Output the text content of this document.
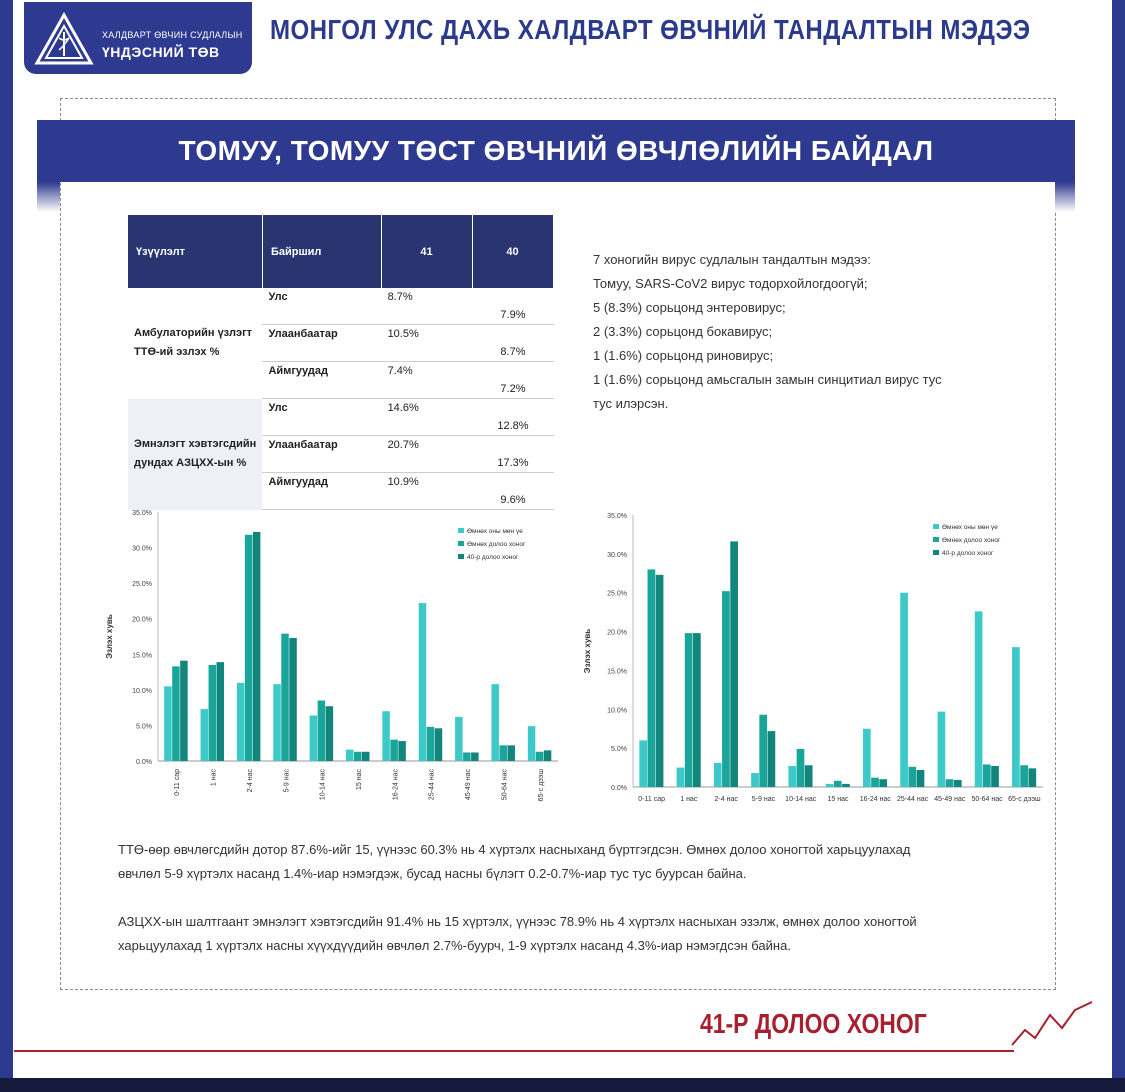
ХАЛДВАРТ ӨВЧИН СУДЛАЛЫН
ҮНДЭСНИЙ ТӨВ
МОНГОЛ УЛС ДАХЬ ХАЛДВАРТ ӨВЧНИЙ ТАНДАЛТЫН МЭДЭЭ
ТОМУУ, ТОМУУ ТӨСТ ӨВЧНИЙ ӨВЧЛӨЛИЙН БАЙДАЛ
Үзүүлэлт	Байршил	41	40
Амбулаторийн үзлэгт ТТӨ-ий эзлэх %	Улс	8.7%	7.9%
	Улаанбаатар	10.5%	8.7%
	Аймгуудад	7.4%	7.2%
Эмнэлэгт хэвтэгсдийн дундах АЗЦХХ-ын %	Улс	14.6%	12.8%
	Улаанбаатар	20.7%	17.3%
	Аймгуудад	10.9%	9.6%
7 хоногийн вирус судлалын тандалтын мэдээ:
Томуу, SARS-CoV2 вирус тодорхойлогдоогүй;
5 (8.3%) сорьцонд энтеровирус;
2 (3.3%) сорьцонд бокавирус;
1 (1.6%) сорьцонд риновирус;
1 (1.6%) сорьцонд амьсгалын замын синцитиал вирус тус
тус илэрсэн.
0.0%
5.0%
10.0%
15.0%
20.0%
25.0%
30.0%
35.0%
Эзлэх хувь
0-11 сар	1 нас	2-4 нас	5-9 нас	10-14 нас	15 нас	16-24 нас	25-44 нас	45-49 нас	50-64 нас	65-с дээш
Өмнөх оны мөн үе
Өмнөх долоо хоног
40-р долоо хоног
0.0%
5.0%
10.0%
15.0%
20.0%
25.0%
30.0%
35.0%
Эзлэх хувь
0-11 сар 1 нас 2-4 нас 5-9 нас 10-14 нас 15 нас 16-24 нас 25-44 нас 45-49 нас 50-64 нас 65-с дээш
Өмнөх оны мөн үе
Өмнөх долоо хоног
40-р долоо хоног
ТТӨ-өөр өвчлөгсдийн дотор 87.6%-ийг 15, үүнээс 60.3% нь 4 хүртэлх насныханд бүртгэгдсэн. Өмнөх долоо хоногтой харьцуулахад өвчлөл 5-9 хүртэлх насанд 1.4%-иар нэмэгдэж, бусад насны бүлэгт 0.2-0.7%-иар тус тус буурсан байна.
АЗЦХХ-ын шалтгаант эмнэлэгт хэвтэгсдийн 91.4% нь 15 хүртэлх, үүнээс 78.9% нь 4 хүртэлх насныхан эзэлж, өмнөх долоо хоногтой харьцуулахад 1 хүртэлх насны хүүхдүүдийн өвчлөл 2.7%-буурч, 1-9 хүртэлх насанд 4.3%-иар нэмэгдсэн байна.
41-Р ДОЛОО ХОНОГ
